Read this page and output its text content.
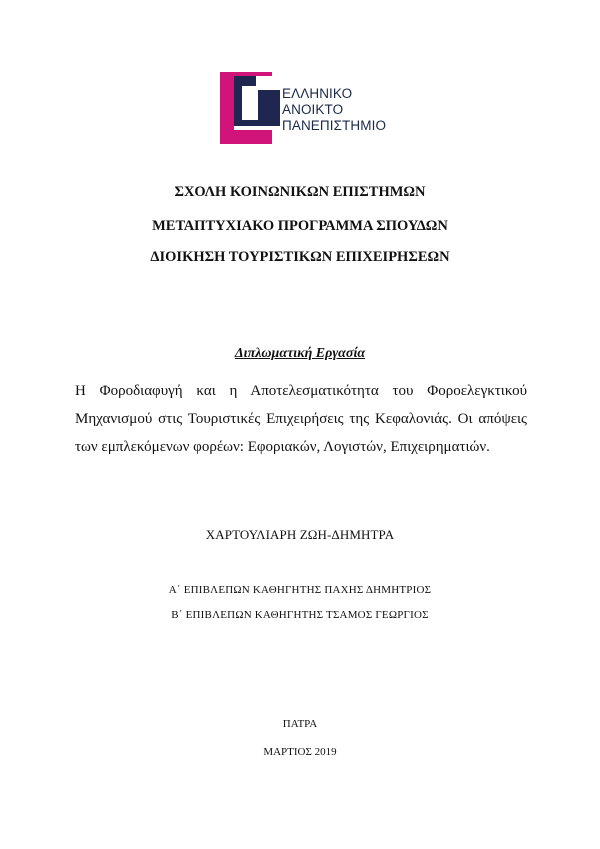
ΕΛΛΗΝΙΚΟ
ΑΝΟΙΚΤΟ
ΠΑΝΕΠΙΣΤΗΜΙΟ
ΣΧΟΛΗ ΚΟΙΝΩΝΙΚΩΝ ΕΠΙΣΤΗΜΩΝ
ΜΕΤΑΠΤΥΧΙΑΚΟ ΠΡΟΓΡΑΜΜΑ ΣΠΟΥΔΩΝ
ΔΙΟΙΚΗΣΗ ΤΟΥΡΙΣΤΙΚΩΝ ΕΠΙΧΕΙΡΗΣΕΩΝ
Διπλωματική Εργασία
Η Φοροδιαφυγή και η Αποτελεσματικότητα του Φοροελεγκτικού Μηχανισμού στις Τουριστικές Επιχειρήσεις της Κεφαλονιάς. Οι απόψεις των εμπλεκόμενων φορέων: Εφοριακών, Λογιστών, Επιχειρηματιών.
ΧΑΡΤΟΥΛΙΑΡΗ ΖΩΗ-ΔΗΜΗΤΡΑ
Α΄ ΕΠΙΒΛΕΠΩΝ ΚΑΘΗΓΗΤΗΣ ΠΑΧΗΣ ΔΗΜΗΤΡΙΟΣ
Β΄ ΕΠΙΒΛΕΠΩΝ ΚΑΘΗΓΗΤΗΣ ΤΣΑΜΟΣ ΓΕΩΡΓΙΟΣ
ΠΑΤΡΑ
ΜΑΡΤΙΟΣ 2019
